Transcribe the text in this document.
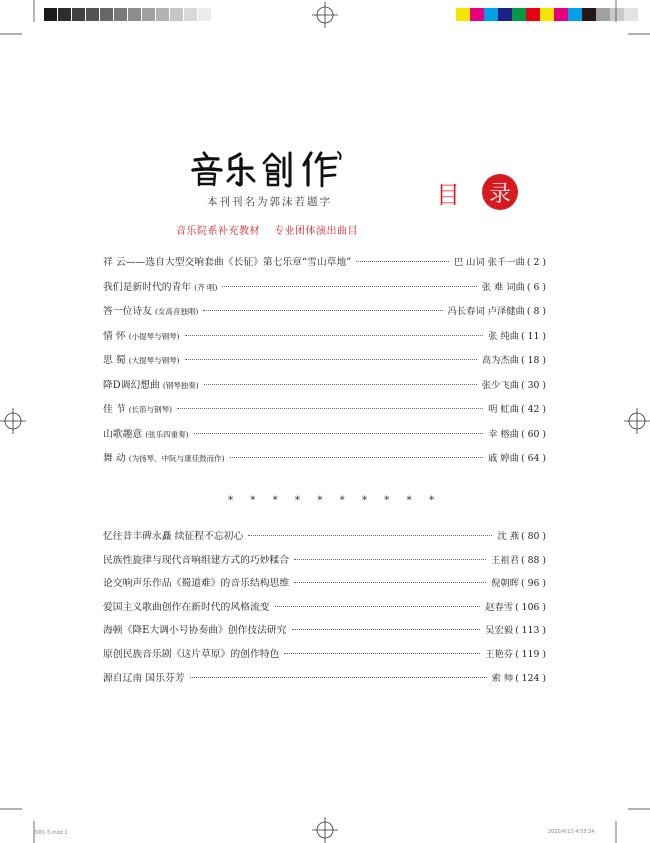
本刊刊名为郭沫若题字
音乐院系补充教材 专业团体演出曲目
目	录
祥 云——选自大型交响套曲《长征》第七乐章“雪山草地”	巴 山词 张千一曲 ( 2 )
我们是新时代的青年 (齐 唱)	张 难 词曲 ( 6 )
答一位诗友 (女高音独唱)	冯长春词 卢泽健曲 ( 8 )
情 怀 (小提琴与钢琴)	张 纯曲 ( 11 )
思 蜀 (大提琴与钢琴)	高为杰曲 ( 18 )
降D调幻想曲 (钢琴独奏)	张少飞曲 ( 30 )
佳 节 (长笛与钢琴)	明 虹曲 ( 42 )
山歌趣意 (弦乐四重奏)	幸 榕曲 ( 60 )
舞 动 (为扬琴、中阮与康佳鼓而作)	戚 婷曲 ( 64 )
* * * * * * * * * *
忆往昔丰碑永矗 续征程不忘初心	沈 燕 ( 80 )
民族性旋律与现代音响组建方式的巧妙糅合	王祖君 ( 88 )
论交响声乐作品《蜀道难》的音乐结构思维	倪朝晖 ( 96 )
爱国主义歌曲创作在新时代的风格流变	赵春雪 ( 106 )
海顿《降E大调小号协奏曲》创作技法研究	吴宏毅 ( 113 )
原创民族音乐剧《这片草原》的创作特色	王艳芬 ( 119 )
源自辽南 国乐芬芳	索 帅 ( 124 )
3期1-5.indd 1	2020/4/13 4:53:24
